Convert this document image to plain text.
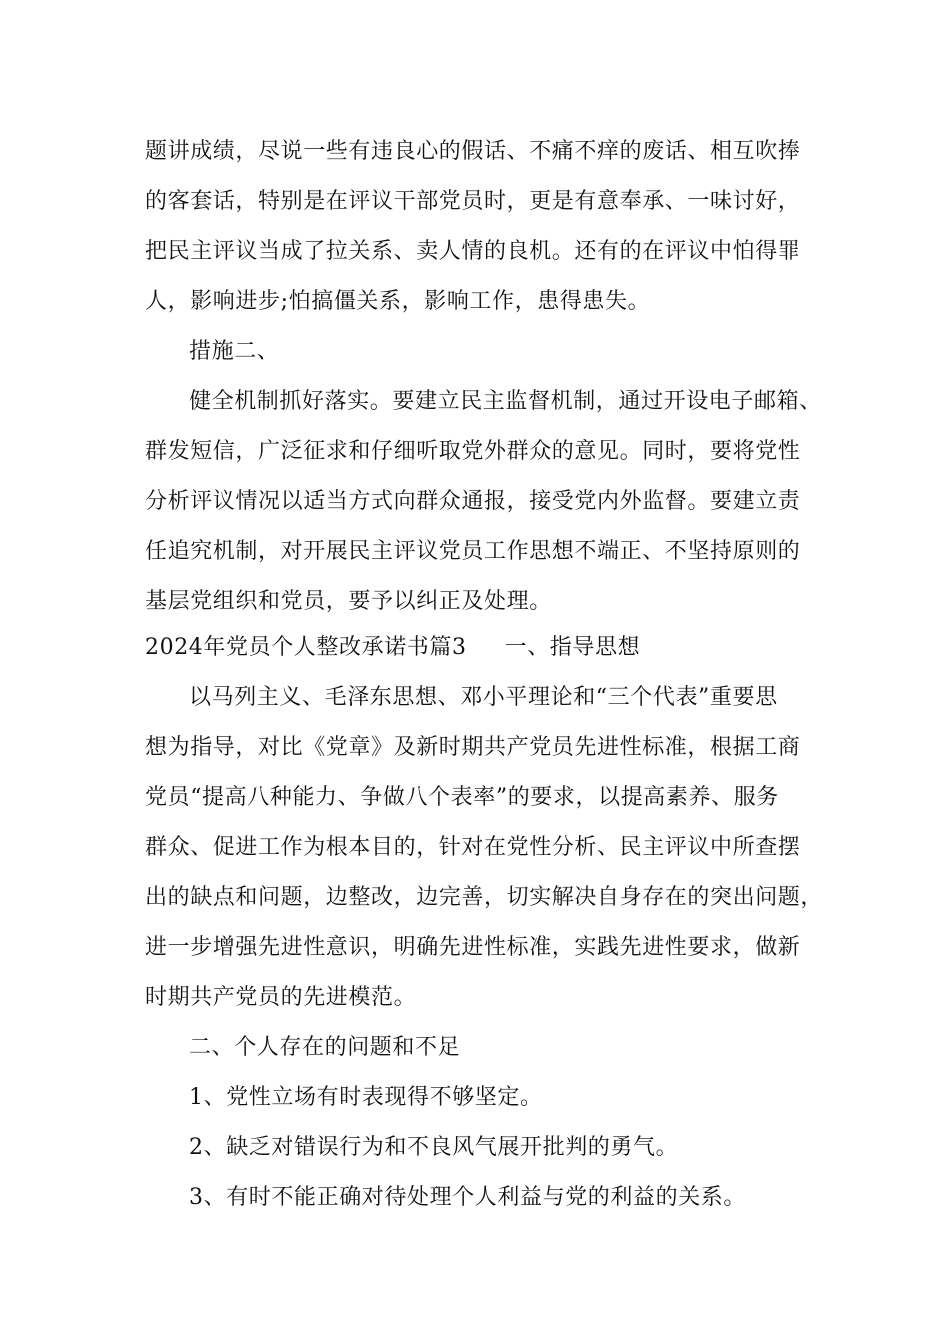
题讲成绩，尽说一些有违良心的假话、不痛不痒的废话、相互吹捧
的客套话，特别是在评议干部党员时，更是有意奉承、一味讨好，
把民主评议当成了拉关系、卖人情的良机。还有的在评议中怕得罪
人，影响进步;怕搞僵关系，影响工作，患得患失。
措施二、
健全机制抓好落实。要建立民主监督机制，通过开设电子邮箱、
群发短信，广泛征求和仔细听取党外群众的意见。同时，要将党性
分析评议情况以适当方式向群众通报，接受党内外监督。要建立责
任追究机制，对开展民主评议党员工作思想不端正、不坚持原则的
基层党组织和党员，要予以纠正及处理。
2024年党员个人整改承诺书篇3 一、指导思想
以马列主义、毛泽东思想、邓小平理论和“三个代表”重要思
想为指导，对比《党章》及新时期共产党员先进性标准，根据工商
党员“提高八种能力、争做八个表率”的要求，以提高素养、服务
群众、促进工作为根本目的，针对在党性分析、民主评议中所查摆
出的缺点和问题，边整改，边完善，切实解决自身存在的突出问题，
进一步增强先进性意识，明确先进性标准，实践先进性要求，做新
时期共产党员的先进模范。
二、个人存在的问题和不足
1、党性立场有时表现得不够坚定。
2、缺乏对错误行为和不良风气展开批判的勇气。
3、有时不能正确对待处理个人利益与党的利益的关系。
